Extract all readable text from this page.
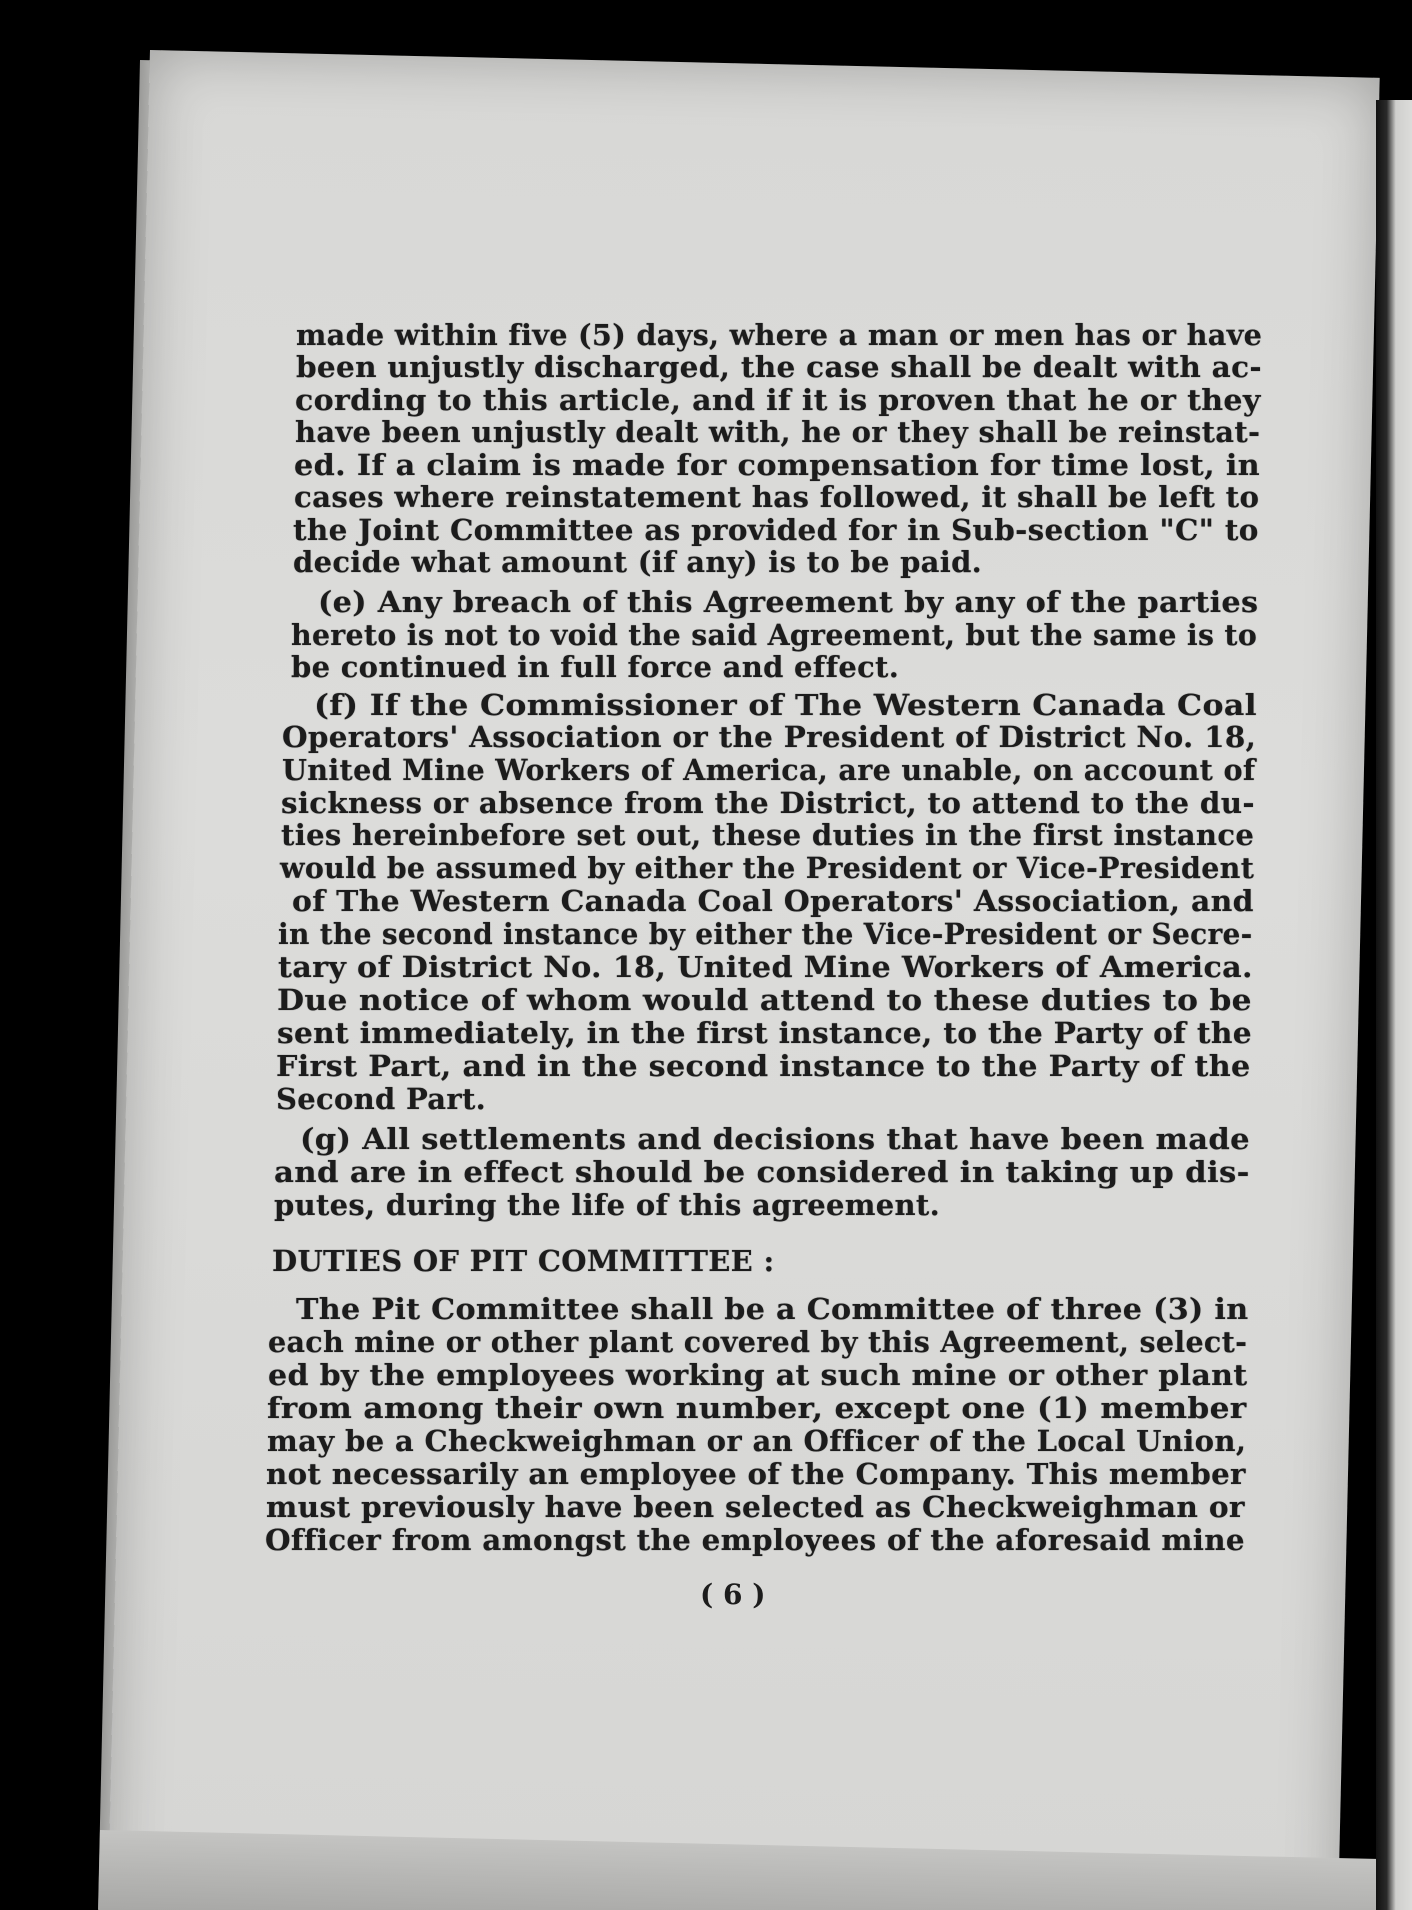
made within five (5) days, where a man or men has or have
been unjustly discharged, the case shall be dealt with ac-
cording to this article, and if it is proven that he or they
have been unjustly dealt with, he or they shall be reinstat-
ed. If a claim is made for compensation for time lost, in
cases where reinstatement has followed, it shall be left to
the Joint Committee as provided for in Sub-section "C" to
decide what amount (if any) is to be paid.
(e) Any breach of this Agreement by any of the parties
hereto is not to void the said Agreement, but the same is to
be continued in full force and effect.
(f) If the Commissioner of The Western Canada Coal
Operators' Association or the President of District No. 18,
United Mine Workers of America, are unable, on account of
sickness or absence from the District, to attend to the du-
ties hereinbefore set out, these duties in the first instance
would be assumed by either the President or Vice-President
of The Western Canada Coal Operators' Association, and
in the second instance by either the Vice-President or Secre-
tary of District No. 18, United Mine Workers of America.
Due notice of whom would attend to these duties to be
sent immediately, in the first instance, to the Party of the
First Part, and in the second instance to the Party of the
Second Part.
(g) All settlements and decisions that have been made
and are in effect should be considered in taking up dis-
putes, during the life of this agreement.
DUTIES OF PIT COMMITTEE :
The Pit Committee shall be a Committee of three (3) in
each mine or other plant covered by this Agreement, select-
ed by the employees working at such mine or other plant
from among their own number, except one (1) member
may be a Checkweighman or an Officer of the Local Union,
not necessarily an employee of the Company. This member
must previously have been selected as Checkweighman or
Officer from amongst the employees of the aforesaid mine
( 6 )
